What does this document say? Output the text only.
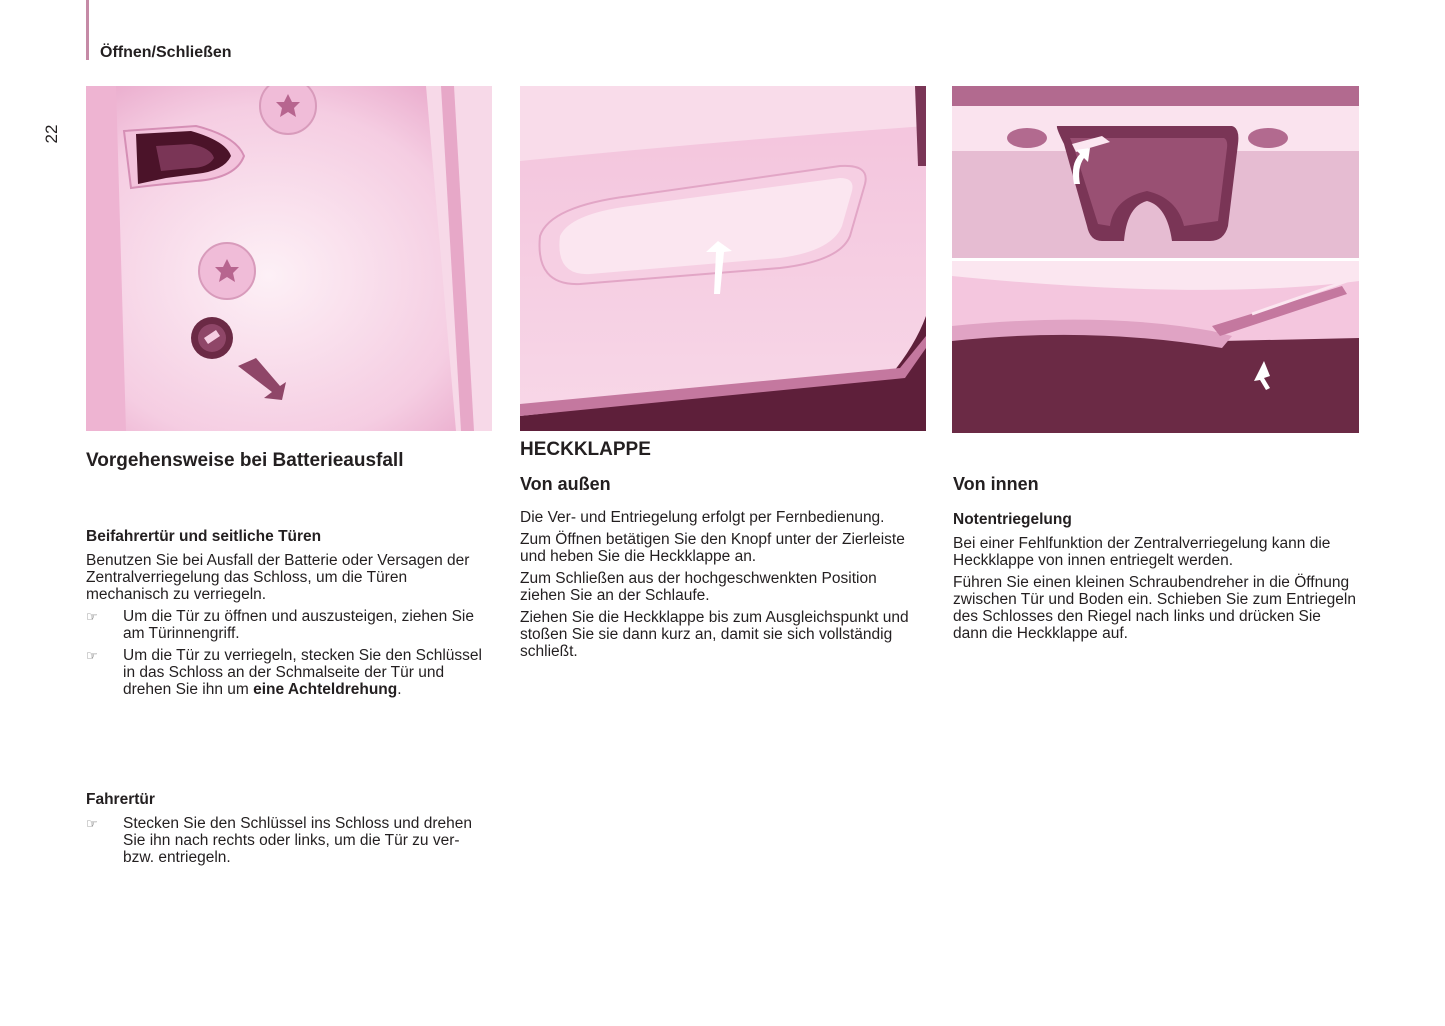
Öffnen/Schließen
22
Vorgehensweise bei Batterieausfall
Beifahrertür und seitliche Türen

Benutzen Sie bei Ausfall der Batterie oder Versagen der Zentralverriegelung das Schloss, um die Türen mechanisch zu verriegeln.

☞ Um die Tür zu öffnen und auszusteigen, ziehen Sie am Türinnengriff.
☞ Um die Tür zu verriegeln, stecken Sie den Schlüssel in das Schloss an der Schmalseite der Tür und drehen Sie ihn um eine Achteldrehung.
Fahrertür
☞ Stecken Sie den Schlüssel ins Schloss und drehen Sie ihn nach rechts oder links, um die Tür zu ver- bzw. entriegeln.
HECKKLAPPE
Von außen

Die Ver- und Entriegelung erfolgt per Fernbedienung.

Zum Öffnen betätigen Sie den Knopf unter der Zierleiste und heben Sie die Heckklappe an.

Zum Schließen aus der hochgeschwenkten Position ziehen Sie an der Schlaufe.

Ziehen Sie die Heckklappe bis zum Ausgleichspunkt und stoßen Sie sie dann kurz an, damit sie sich vollständig schließt.

Von innen
Notentriegelung

Bei einer Fehlfunktion der Zentralverriegelung kann die Heckklappe von innen entriegelt werden.

Führen Sie einen kleinen Schraubendreher in die Öffnung zwischen Tür und Boden ein. Schieben Sie zum Entriegeln des Schlosses den Riegel nach links und drücken Sie dann die Heckklappe auf.
